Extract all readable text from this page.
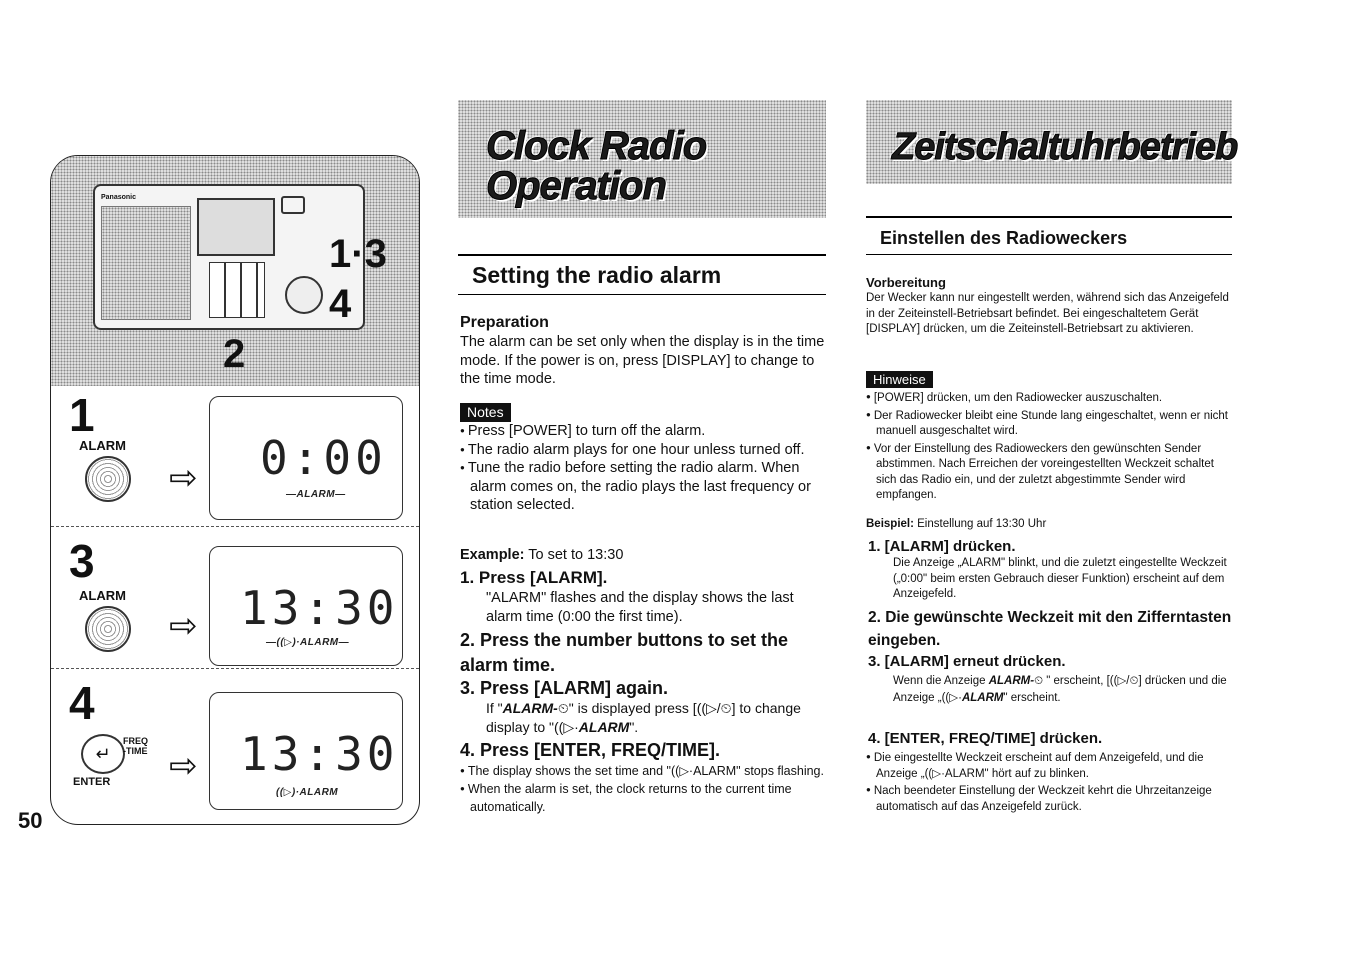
Panasonic
1·3
4
2
1
ALARM
⇨ 0:00
—ALARM—
3
ALARM
⇨ 13:30
—((▷)·ALARM—
4
↵
FREQ
-TIME
ENTER ⇨ 13:30
((▷)·ALARM
50
Clock Radio
Operation
Setting the radio alarm
Preparation

The alarm can be set only when the display is in the time mode. If the power is on, press [DISPLAY] to change to the time mode.

Notes
● Press [POWER] to turn off the alarm.
● The radio alarm plays for one hour unless turned off.
● Tune the radio before setting the radio alarm. When alarm comes on, the radio plays the last frequency or station selected.
Example: To set to 13:30
1. Press [ALARM].

"ALARM" flashes and the display shows the last alarm time (0:00 the first time).

2. Press the number buttons to set the alarm time.
3. Press [ALARM] again.

If "ALARM-⏲" is displayed press [((▷/⏲] to change display to "((▷·ALARM".

4. Press [ENTER, FREQ/TIME].
● The display shows the set time and "((▷·ALARM" stops flashing.
● When the alarm is set, the clock returns to the current time automatically.
Zeitschaltuhrbetrieb
Einstellen des Radioweckers
Vorbereitung

Der Wecker kann nur eingestellt werden, während sich das Anzeigefeld in der Zeiteinstell-Betriebsart befindet. Bei eingeschaltetem Gerät [DISPLAY] drücken, um die Zeiteinstell-Betriebsart zu aktivieren.

Hinweise
● [POWER] drücken, um den Radiowecker auszuschalten.
● Der Radiowecker bleibt eine Stunde lang eingeschaltet, wenn er nicht manuell ausgeschaltet wird.
● Vor der Einstellung des Radioweckers den gewünschten Sender abstimmen. Nach Erreichen der voreingestellten Weckzeit schaltet sich das Radio ein, und der zuletzt abgestimmte Sender wird empfangen.
Beispiel: Einstellung auf 13:30 Uhr
1. [ALARM] drücken.

Die Anzeige „ALARM" blinkt, und die zuletzt eingestellte Weckzeit („0:00" beim ersten Gebrauch dieser Funktion) erscheint auf dem Anzeigefeld.

2. Die gewünschte Weckzeit mit den Zifferntasten eingeben.
3. [ALARM] erneut drücken.

Wenn die Anzeige ALARM-⏲ " erscheint, [((▷/⏲] drücken und die Anzeige „((▷·ALARM" erscheint.

4. [ENTER, FREQ/TIME] drücken.
● Die eingestellte Weckzeit erscheint auf dem Anzeigefeld, und die Anzeige „((▷·ALARM" hört auf zu blinken.
● Nach beendeter Einstellung der Weckzeit kehrt die Uhrzeitanzeige automatisch auf das Anzeigefeld zurück.
